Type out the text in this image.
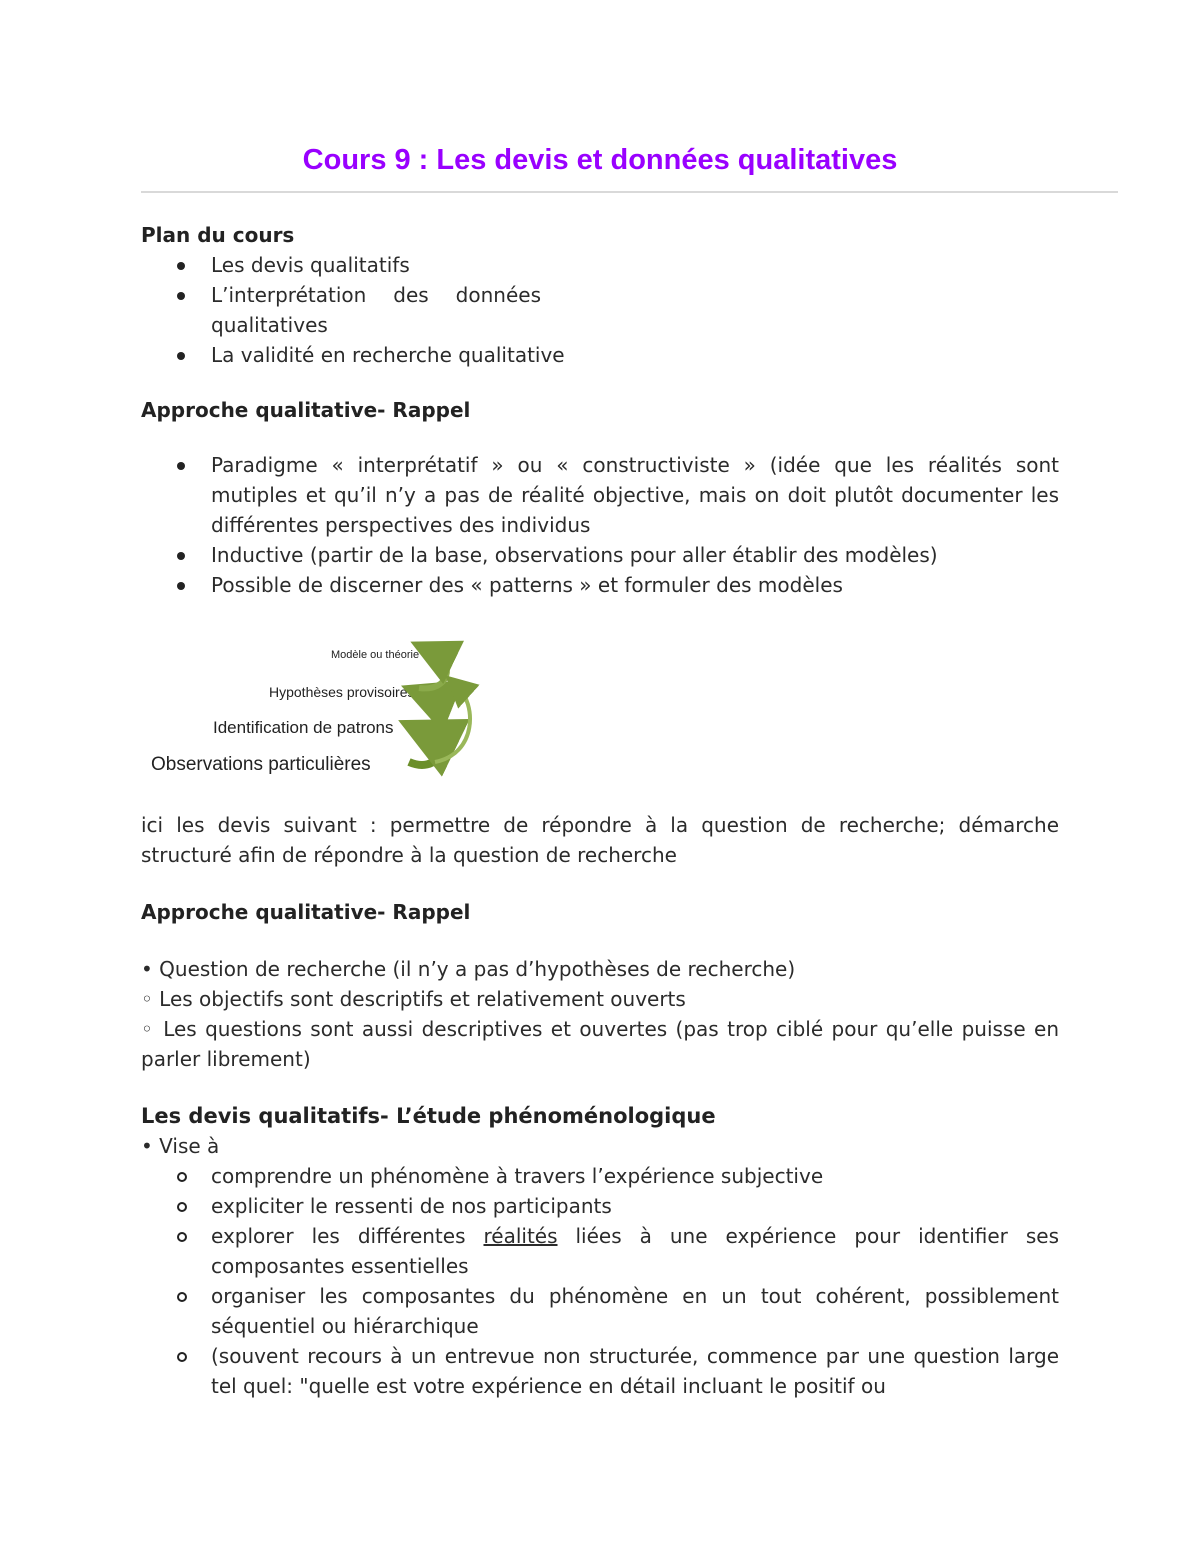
Cours 9 : Les devis et données qualitatives
Plan du cours
Les devis qualitatifs
L’interprétation des données qualitatives
La validité en recherche qualitative
Approche qualitative- Rappel
Paradigme « interprétatif » ou « constructiviste » (idée que les réalités sont mutiples et qu’il n’y a pas de réalité objective, mais on doit plutôt documenter les différentes perspectives des individus
Inductive (partir de la base, observations pour aller établir des modèles)
Possible de discerner des « patterns » et formuler des modèles
Modèle ou théorie
Hypothèses provisoires
Identification de patrons
Observations particulières
ici les devis suivant : permettre de répondre à la question de recherche; démarche structuré afin de répondre à la question de recherche
Approche qualitative- Rappel
• Question de recherche (il n’y a pas d’hypothèses de recherche)
◦ Les objectifs sont descriptifs et relativement ouverts
◦ Les questions sont aussi descriptives et ouvertes (pas trop ciblé pour qu’elle puisse en parler librement)
Les devis qualitatifs- L’étude phénoménologique
• Vise à
comprendre un phénomène à travers l’expérience subjective
expliciter le ressenti de nos participants
explorer les différentes réalités liées à une expérience pour identifier ses composantes essentielles
organiser les composantes du phénomène en un tout cohérent, possiblement séquentiel ou hiérarchique
(souvent recours à un entrevue non structurée, commence par une question large tel quel: "quelle est votre expérience en détail incluant le positif ou
